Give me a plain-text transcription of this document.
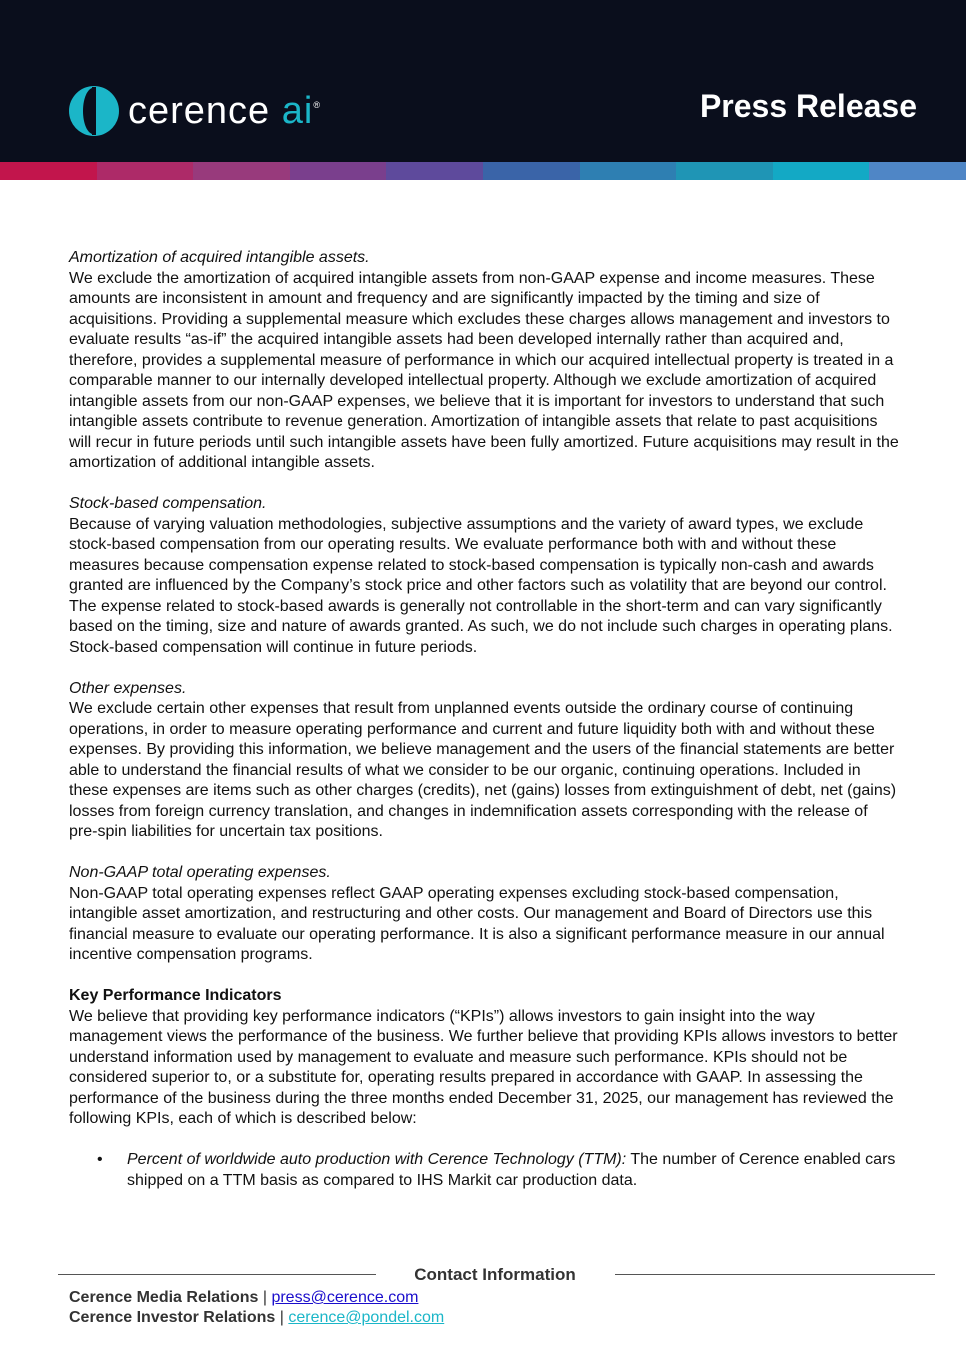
cerence ai®	Press Release

Amortization of acquired intangible assets.
We exclude the amortization of acquired intangible assets from non-GAAP expense and income measures. These amounts are inconsistent in amount and frequency and are significantly impacted by the timing and size of acquisitions. Providing a supplemental measure which excludes these charges allows management and investors to evaluate results “as-if” the acquired intangible assets had been developed internally rather than acquired and, therefore, provides a supplemental measure of performance in which our acquired intellectual property is treated in a comparable manner to our internally developed intellectual property. Although we exclude amortization of acquired intangible assets from our non-GAAP expenses, we believe that it is important for investors to understand that such intangible assets contribute to revenue generation. Amortization of intangible assets that relate to past acquisitions will recur in future periods until such intangible assets have been fully amortized. Future acquisitions may result in the amortization of additional intangible assets.

Stock-based compensation.
Because of varying valuation methodologies, subjective assumptions and the variety of award types, we exclude stock-based compensation from our operating results. We evaluate performance both with and without these measures because compensation expense related to stock-based compensation is typically non-cash and awards granted are influenced by the Company’s stock price and other factors such as volatility that are beyond our control. The expense related to stock-based awards is generally not controllable in the short-term and can vary significantly based on the timing, size and nature of awards granted. As such, we do not include such charges in operating plans. Stock-based compensation will continue in future periods.

Other expenses.
We exclude certain other expenses that result from unplanned events outside the ordinary course of continuing operations, in order to measure operating performance and current and future liquidity both with and without these expenses. By providing this information, we believe management and the users of the financial statements are better able to understand the financial results of what we consider to be our organic, continuing operations. Included in these expenses are items such as other charges (credits), net (gains) losses from extinguishment of debt, net (gains) losses from foreign currency translation, and changes in indemnification assets corresponding with the release of pre-spin liabilities for uncertain tax positions.

Non-GAAP total operating expenses.
Non-GAAP total operating expenses reflect GAAP operating expenses excluding stock-based compensation, intangible asset amortization, and restructuring and other costs. Our management and Board of Directors use this financial measure to evaluate our operating performance. It is also a significant performance measure in our annual incentive compensation programs.

Key Performance Indicators
We believe that providing key performance indicators (“KPIs”) allows investors to gain insight into the way management views the performance of the business. We further believe that providing KPIs allows investors to better understand information used by management to evaluate and measure such performance. KPIs should not be considered superior to, or a substitute for, operating results prepared in accordance with GAAP. In assessing the performance of the business during the three months ended December 31, 2025, our management has reviewed the following KPIs, each of which is described below:

• Percent of worldwide auto production with Cerence Technology (TTM): The number of Cerence enabled cars shipped on a TTM basis as compared to IHS Markit car production data.

Contact Information
Cerence Media Relations | press@cerence.com
Cerence Investor Relations | cerence@pondel.com
